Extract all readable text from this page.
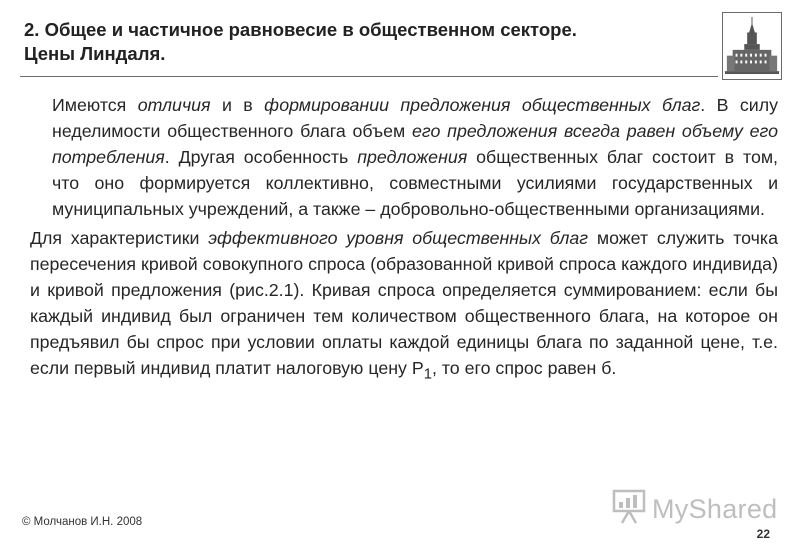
2. Общее и частичное равновесие в общественном секторе.
Цены Линдаля.

Имеются отличия и в формировании предложения общественных благ. В силу неделимости общественного блага объем его предложения всегда равен объему его потребления. Другая особенность предложения общественных благ состоит в том, что оно формируется коллективно, совместными усилиями государственных и муниципальных учреждений, а также – добровольно-общественными организациями.

Для характеристики эффективного уровня общественных благ может служить точка пересечения кривой совокупного спроса (образованной кривой спроса каждого индивида) и кривой предложения (рис.2.1). Кривая спроса определяется суммированием: если бы каждый индивид был ограничен тем количеством общественного блага, на которое он предъявил бы спрос при условии оплаты каждой единицы блага по заданной цене, т.е. если первый индивид платит налоговую цену $Р_1$, то его спрос равен б.

MyShared
© Молчанов И.Н. 2008
22
